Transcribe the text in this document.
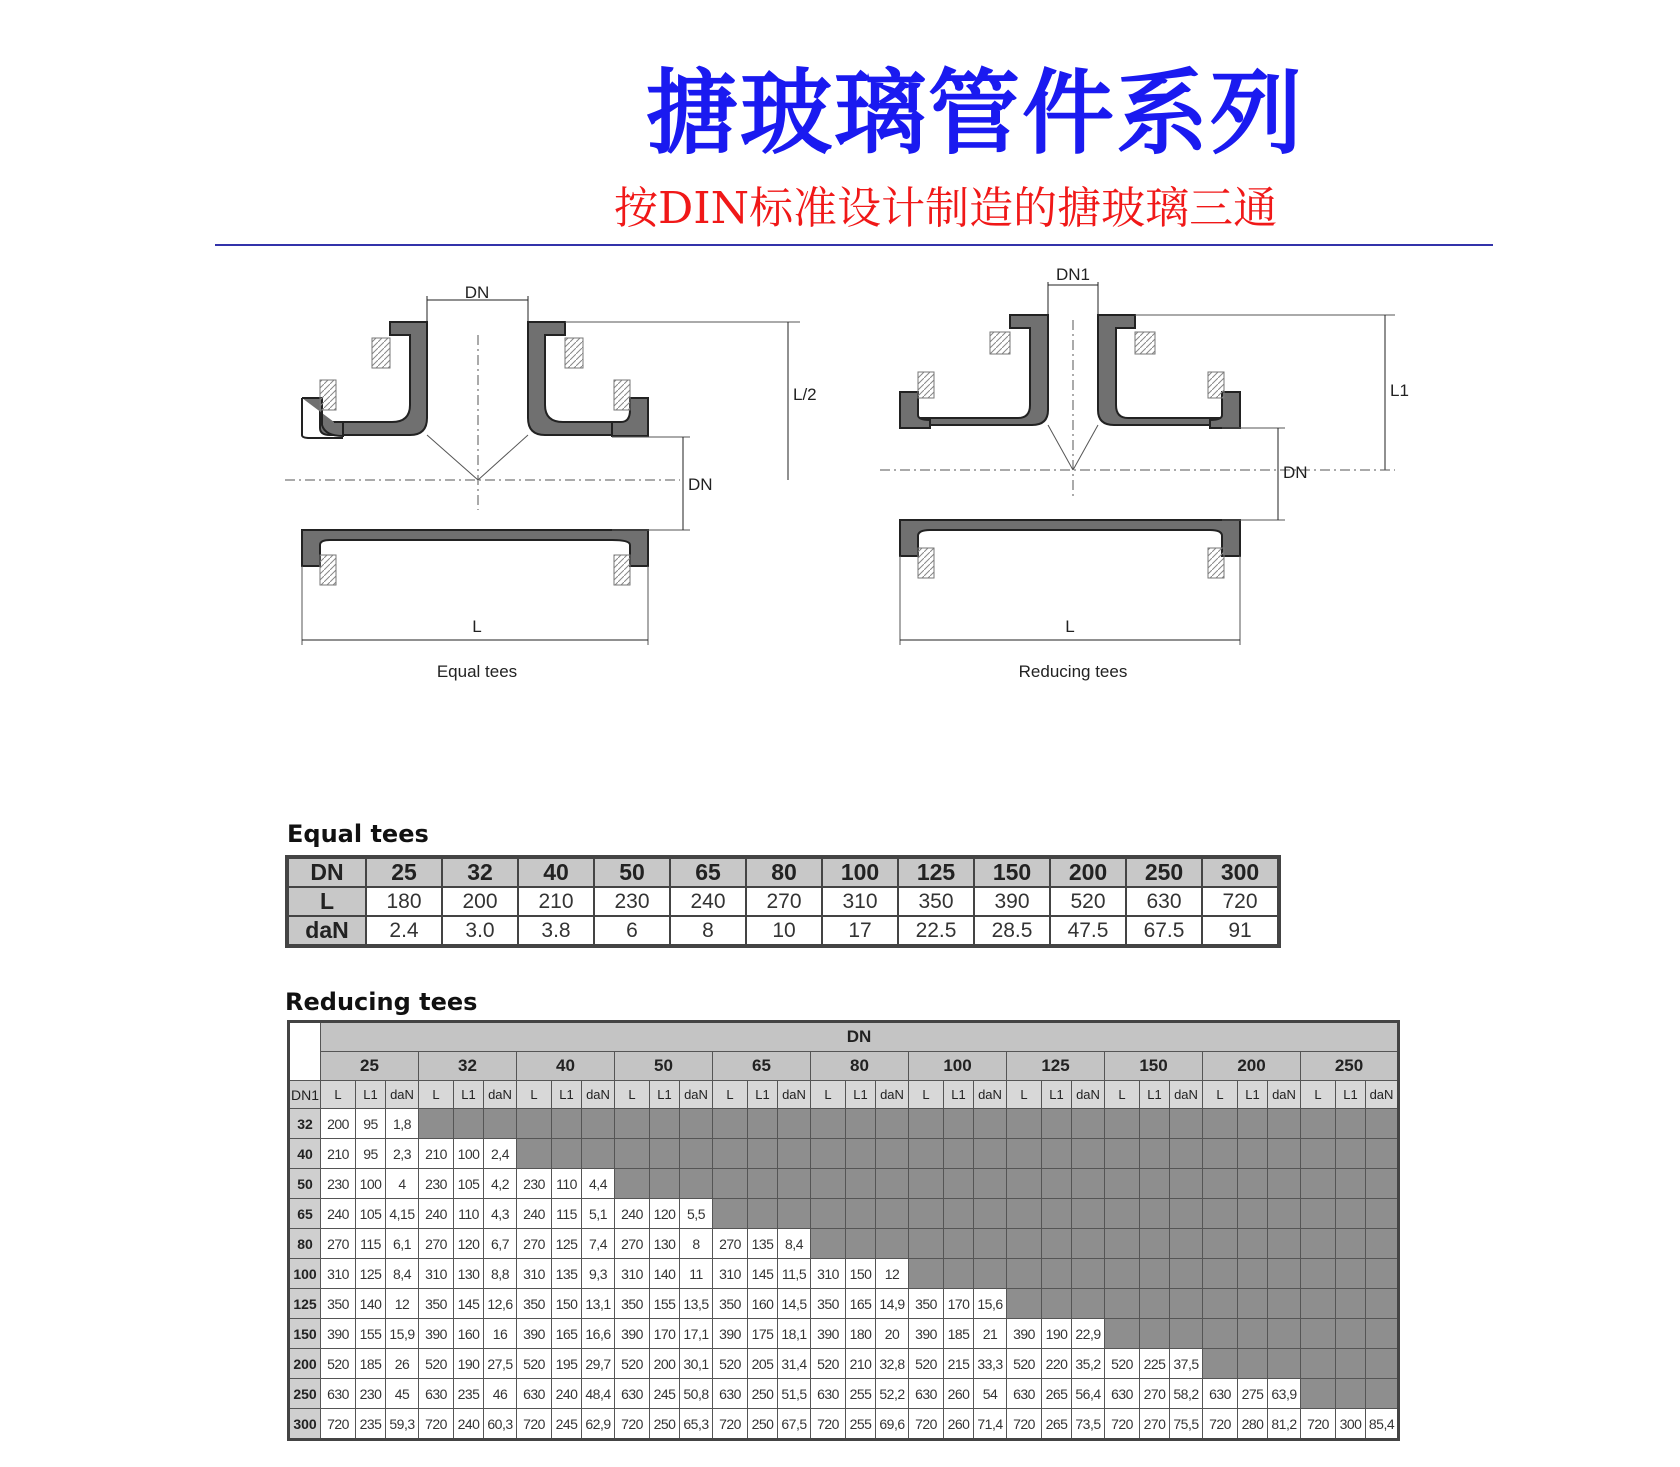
搪玻璃管件系列
按DIN标准设计制造的搪玻璃三通
DN
L/2
DN
L
Equal tees
DN1
L1
DN
L
Reducing tees
Equal tees
DN	25	32	40	50	65	80	100	125	150	200	250	300
L	180	200	210	230	240	270	310	350	390	520	630	720
daN	2.4	3.0	3.8	6	8	10	17	22.5	28.5	47.5	67.5	91
Reducing tees
	DN																																
	25			32			40			50			65			80			100			125			150			200			250		
DN1	L	L1	daN	L	L1	daN	L	L1	daN	L	L1	daN	L	L1	daN	L	L1	daN	L	L1	daN	L	L1	daN	L	L1	daN	L	L1	daN	L	L1	daN
32	200	95	1,8																														
40	210	95	2,3	210	100	2,4																											
50	230	100	4	230	105	4,2	230	110	4,4																								
65	240	105	4,15	240	110	4,3	240	115	5,1	240	120	5,5																					
80	270	115	6,1	270	120	6,7	270	125	7,4	270	130	8	270	135	8,4																		
100	310	125	8,4	310	130	8,8	310	135	9,3	310	140	11	310	145	11,5	310	150	12															
125	350	140	12	350	145	12,6	350	150	13,1	350	155	13,5	350	160	14,5	350	165	14,9	350	170	15,6												
150	390	155	15,9	390	160	16	390	165	16,6	390	170	17,1	390	175	18,1	390	180	20	390	185	21	390	190	22,9									
200	520	185	26	520	190	27,5	520	195	29,7	520	200	30,1	520	205	31,4	520	210	32,8	520	215	33,3	520	220	35,2	520	225	37,5						
250	630	230	45	630	235	46	630	240	48,4	630	245	50,8	630	250	51,5	630	255	52,2	630	260	54	630	265	56,4	630	270	58,2	630	275	63,9			
300	720	235	59,3	720	240	60,3	720	245	62,9	720	250	65,3	720	250	67,5	720	255	69,6	720	260	71,4	720	265	73,5	720	270	75,5	720	280	81,2	720	300	85,4
